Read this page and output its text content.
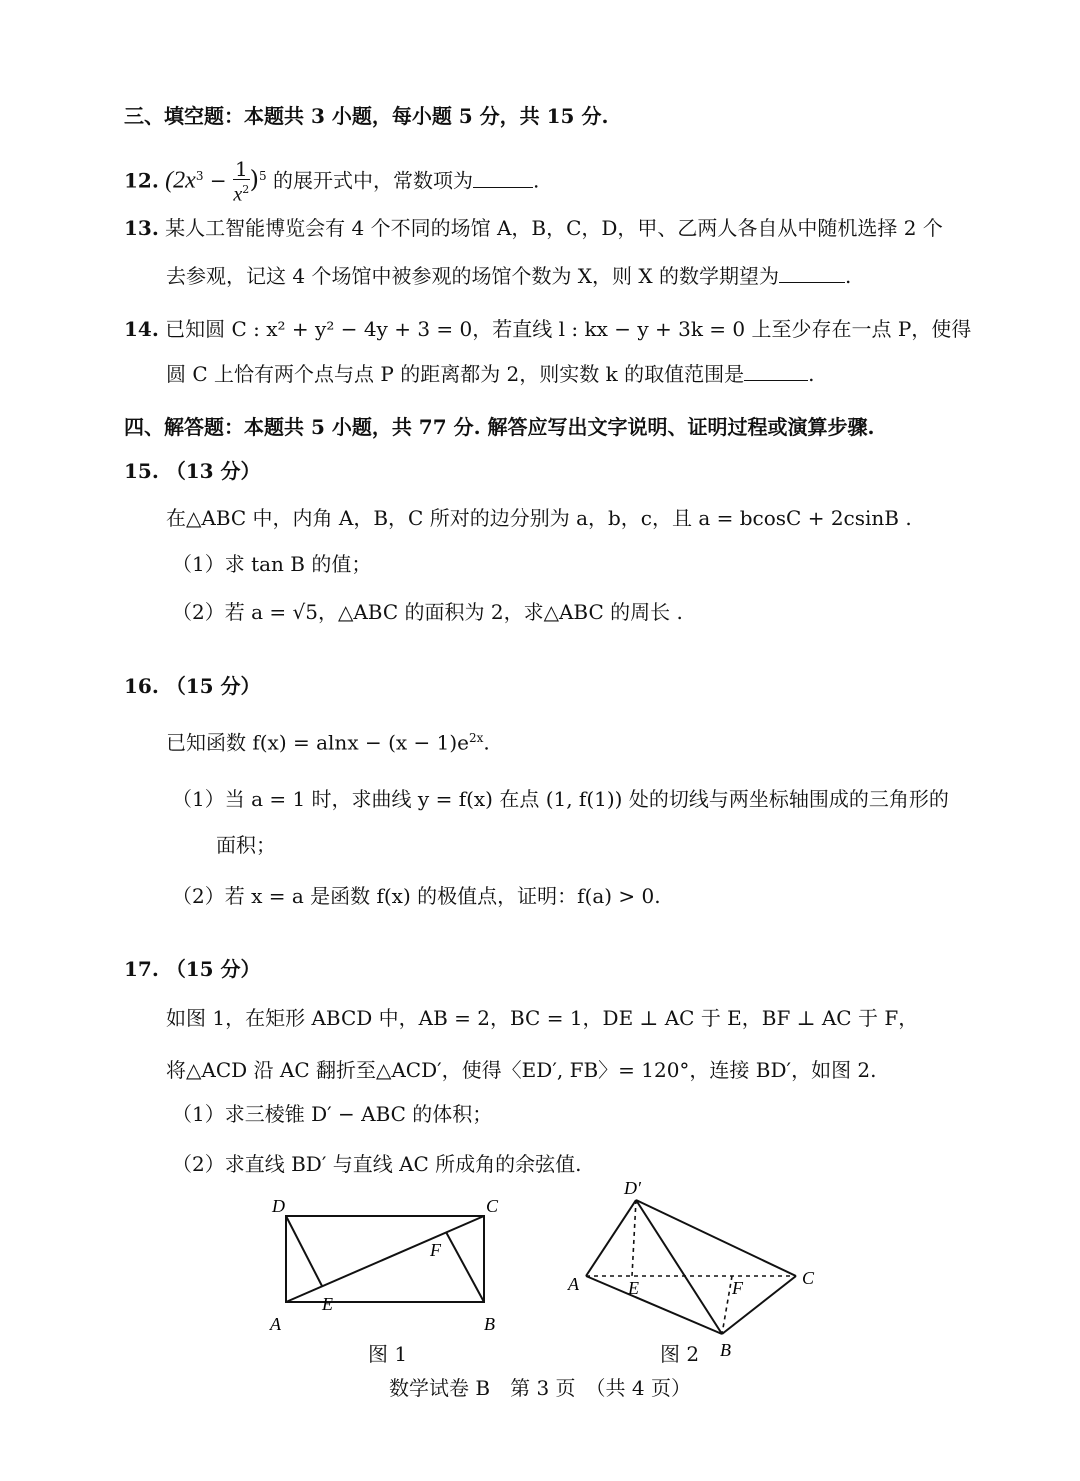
三、填空题：本题共 3 小题，每小题 5 分，共 15 分.
12. $(2x^3 - \frac{1}{x^2} )^5$ 的展开式中，常数项为	.
13. 某人工智能博览会有 4 个不同的场馆 A，B，C，D，甲、乙两人各自从中随机选择 2 个
去参观，记这 4 个场馆中被参观的场馆个数为 X，则 X 的数学期望为	.
14. 已知圆 C : x² + y² − 4y + 3 = 0，若直线 l : kx − y + 3k = 0 上至少存在一点 P，使得
圆 C 上恰有两个点与点 P 的距离都为 2，则实数 k 的取值范围是	.
四、解答题：本题共 5 小题，共 77 分. 解答应写出文字说明、证明过程或演算步骤.
15. （13 分）
在△ABC 中，内角 A，B，C 所对的边分别为 a，b，c，且 a = bcosC + 2csinB .
（1）求 tan B 的值；
（2）若 a = √5，△ABC 的面积为 2，求△ABC 的周长 .
16. （15 分）
已知函数 $f(x) = alnx - (x - 1)e^{2x}$.
（1）当 a = 1 时，求曲线 y = f(x) 在点 (1, f(1)) 处的切线与两坐标轴围成的三角形的
面积；
（2）若 x = a 是函数 f(x) 的极值点，证明：f(a) > 0.
17. （15 分）
如图 1，在矩形 ABCD 中，AB = 2，BC = 1，DE ⊥ AC 于 E，BF ⊥ AC 于 F，
将△ACD 沿 AC 翻折至△ACD′，使得〈ED′, FB〉= 120°，连接 BD′，如图 2.
（1）求三棱锥 D′ − ABC 的体积；
（2）求直线 BD′ 与直线 AC 所成角的余弦值.
D	C
A	B
E
F
图 1
D′
A	C
B
E	F
图 2
数学试卷 B　第 3 页　（共 4 页）
